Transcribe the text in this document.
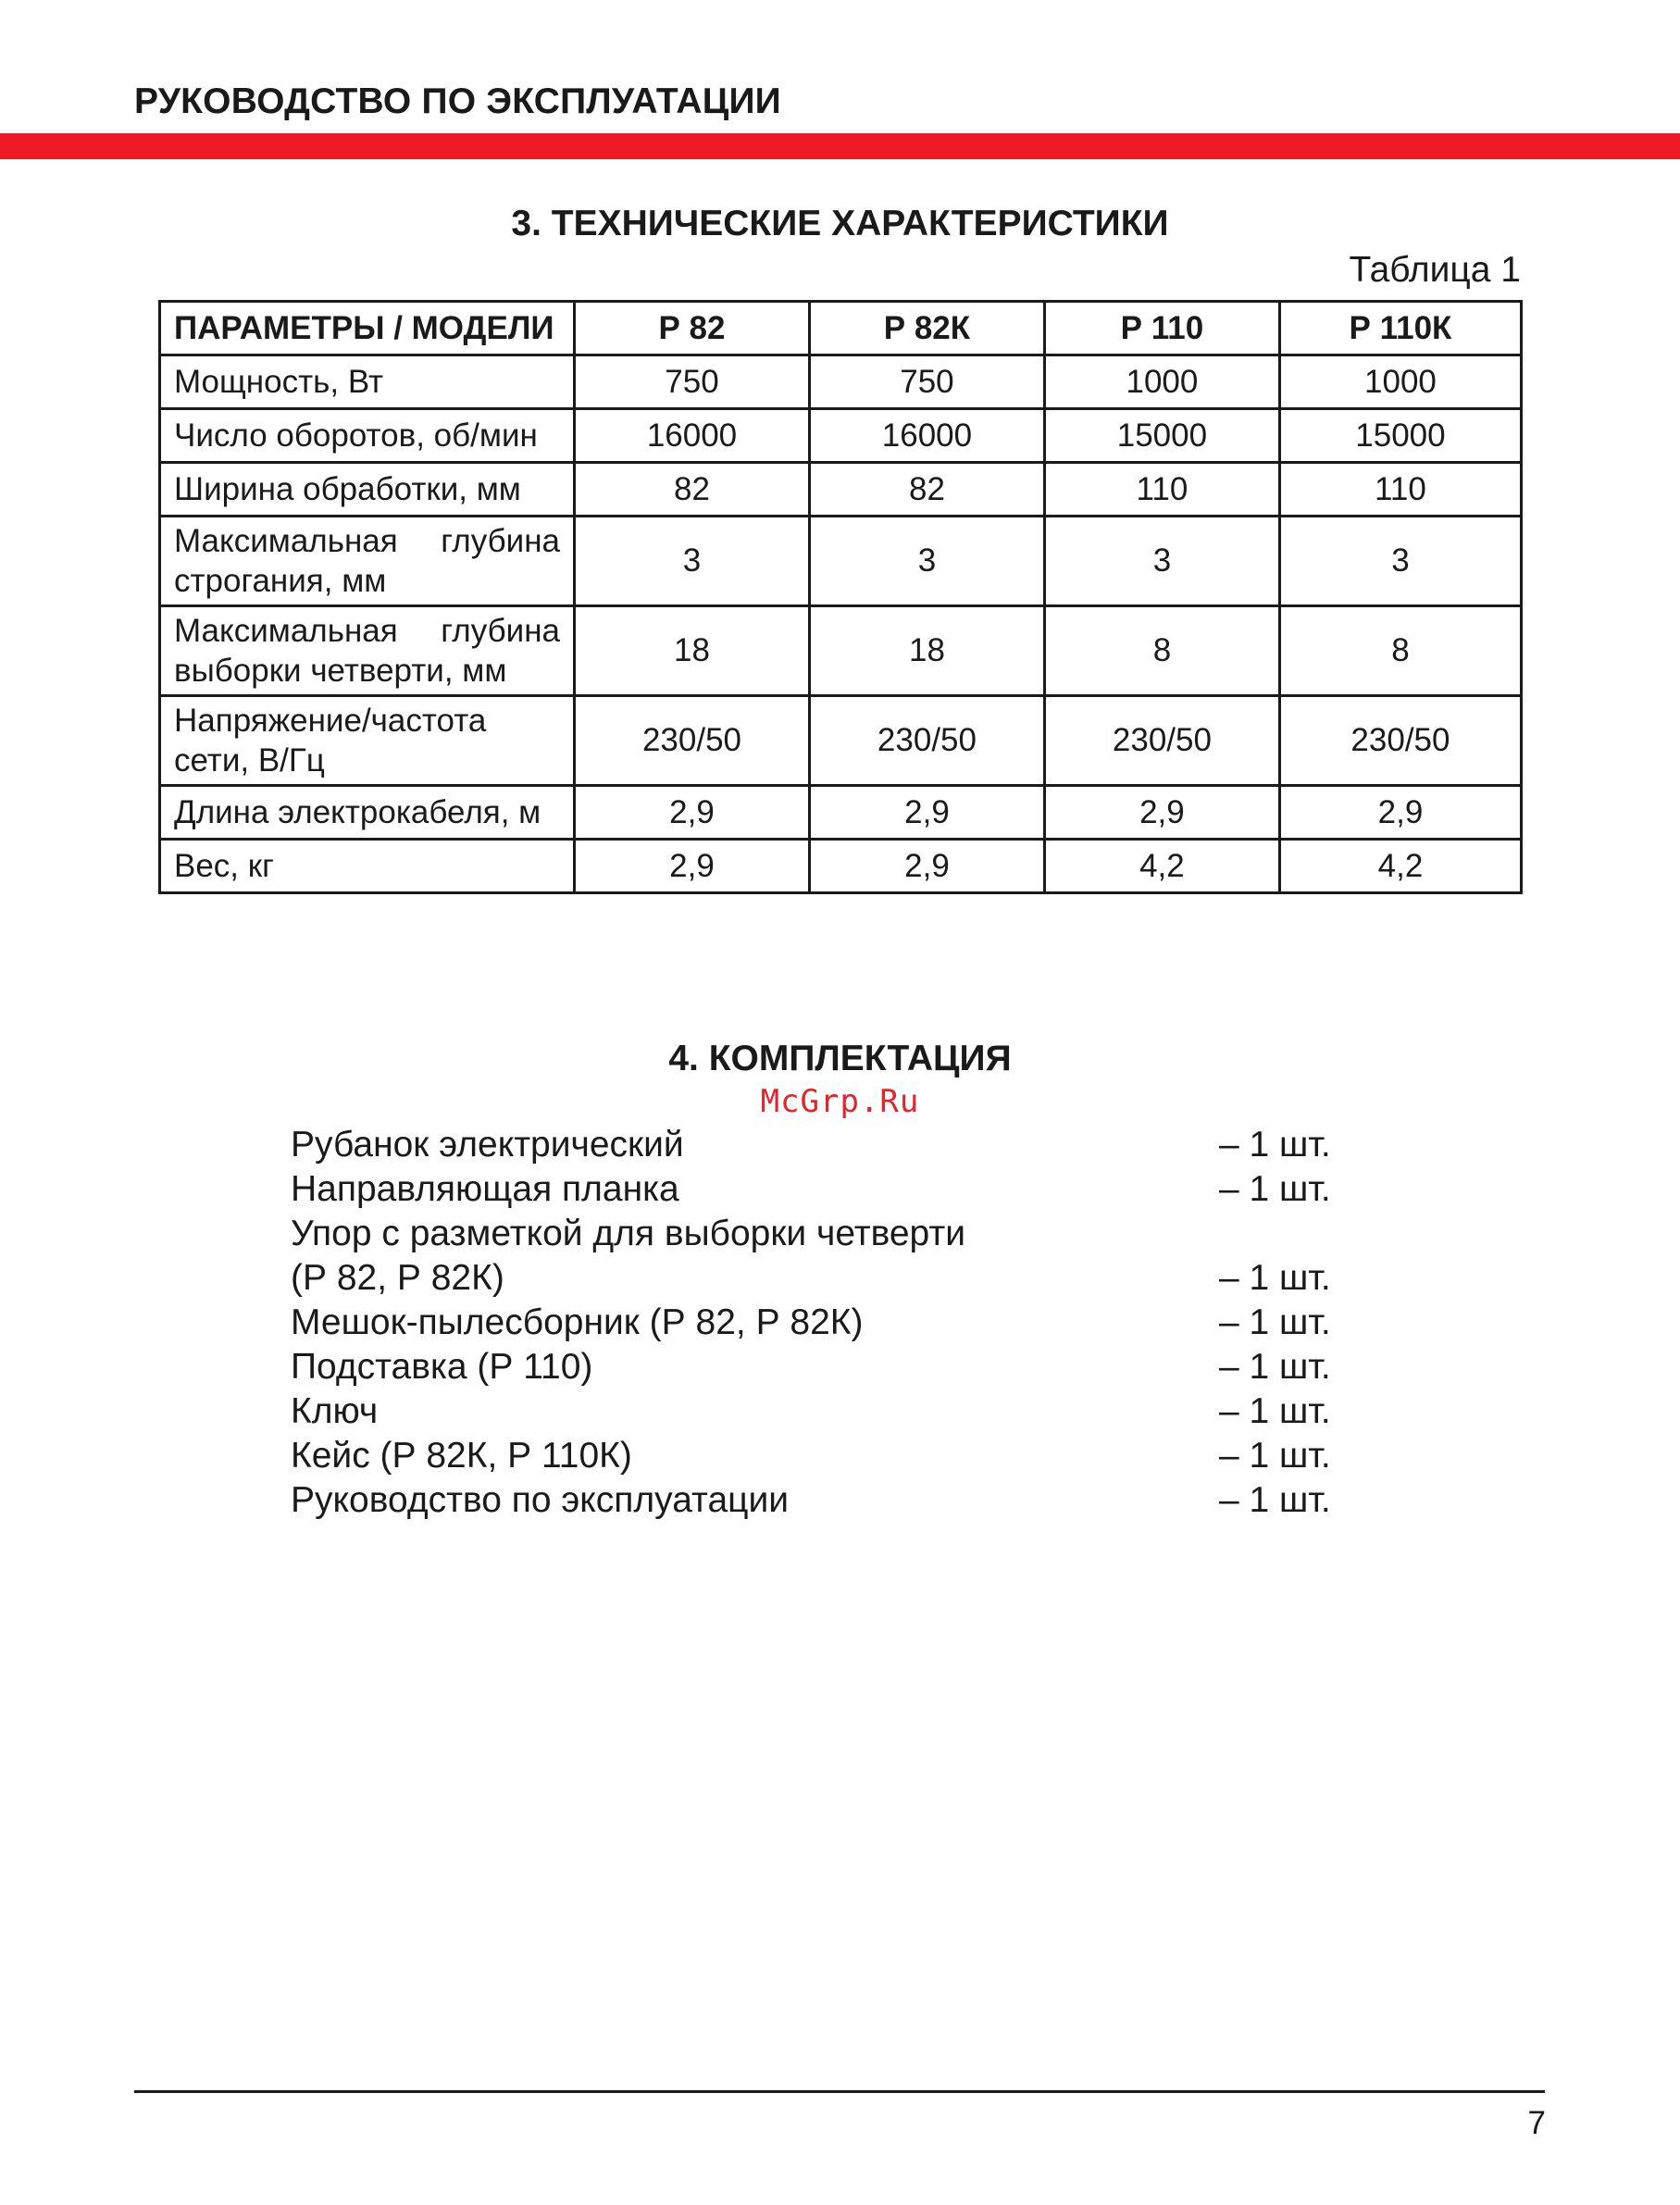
РУКОВОДСТВО ПО ЭКСПЛУАТАЦИИ
3. ТЕХНИЧЕСКИЕ ХАРАКТЕРИСТИКИ
Таблица 1
ПАРАМЕТРЫ / МОДЕЛИ	Р 82	Р 82К	Р 110	Р 110К
Мощность, Вт	750	750	1000	1000
Число оборотов, об/мин	16000	16000	15000	15000
Ширина обработки, мм	82	82	110	110
Максимальная глубина строгания, мм	3	3	3	3
Максимальная глубина выборки четверти, мм	18	18	8	8
Напряжение/частота сети, В/Гц	230/50	230/50	230/50	230/50
Длина электрокабеля, м	2,9	2,9	2,9	2,9
Вес, кг	2,9	2,9	4,2	4,2
4. КОМПЛЕКТАЦИЯ
McGrp.Ru
Рубанок электрический	– 1 шт.
Направляющая планка	– 1 шт.
Упор с разметкой для выборки четверти
(Р 82, Р 82К)	– 1 шт.
Мешок-пылесборник (Р 82, Р 82К)	– 1 шт.
Подставка (Р 110)	– 1 шт.
Ключ	– 1 шт.
Кейс (Р 82К, Р 110К)	– 1 шт.
Руководство по эксплуатации	– 1 шт.
7
